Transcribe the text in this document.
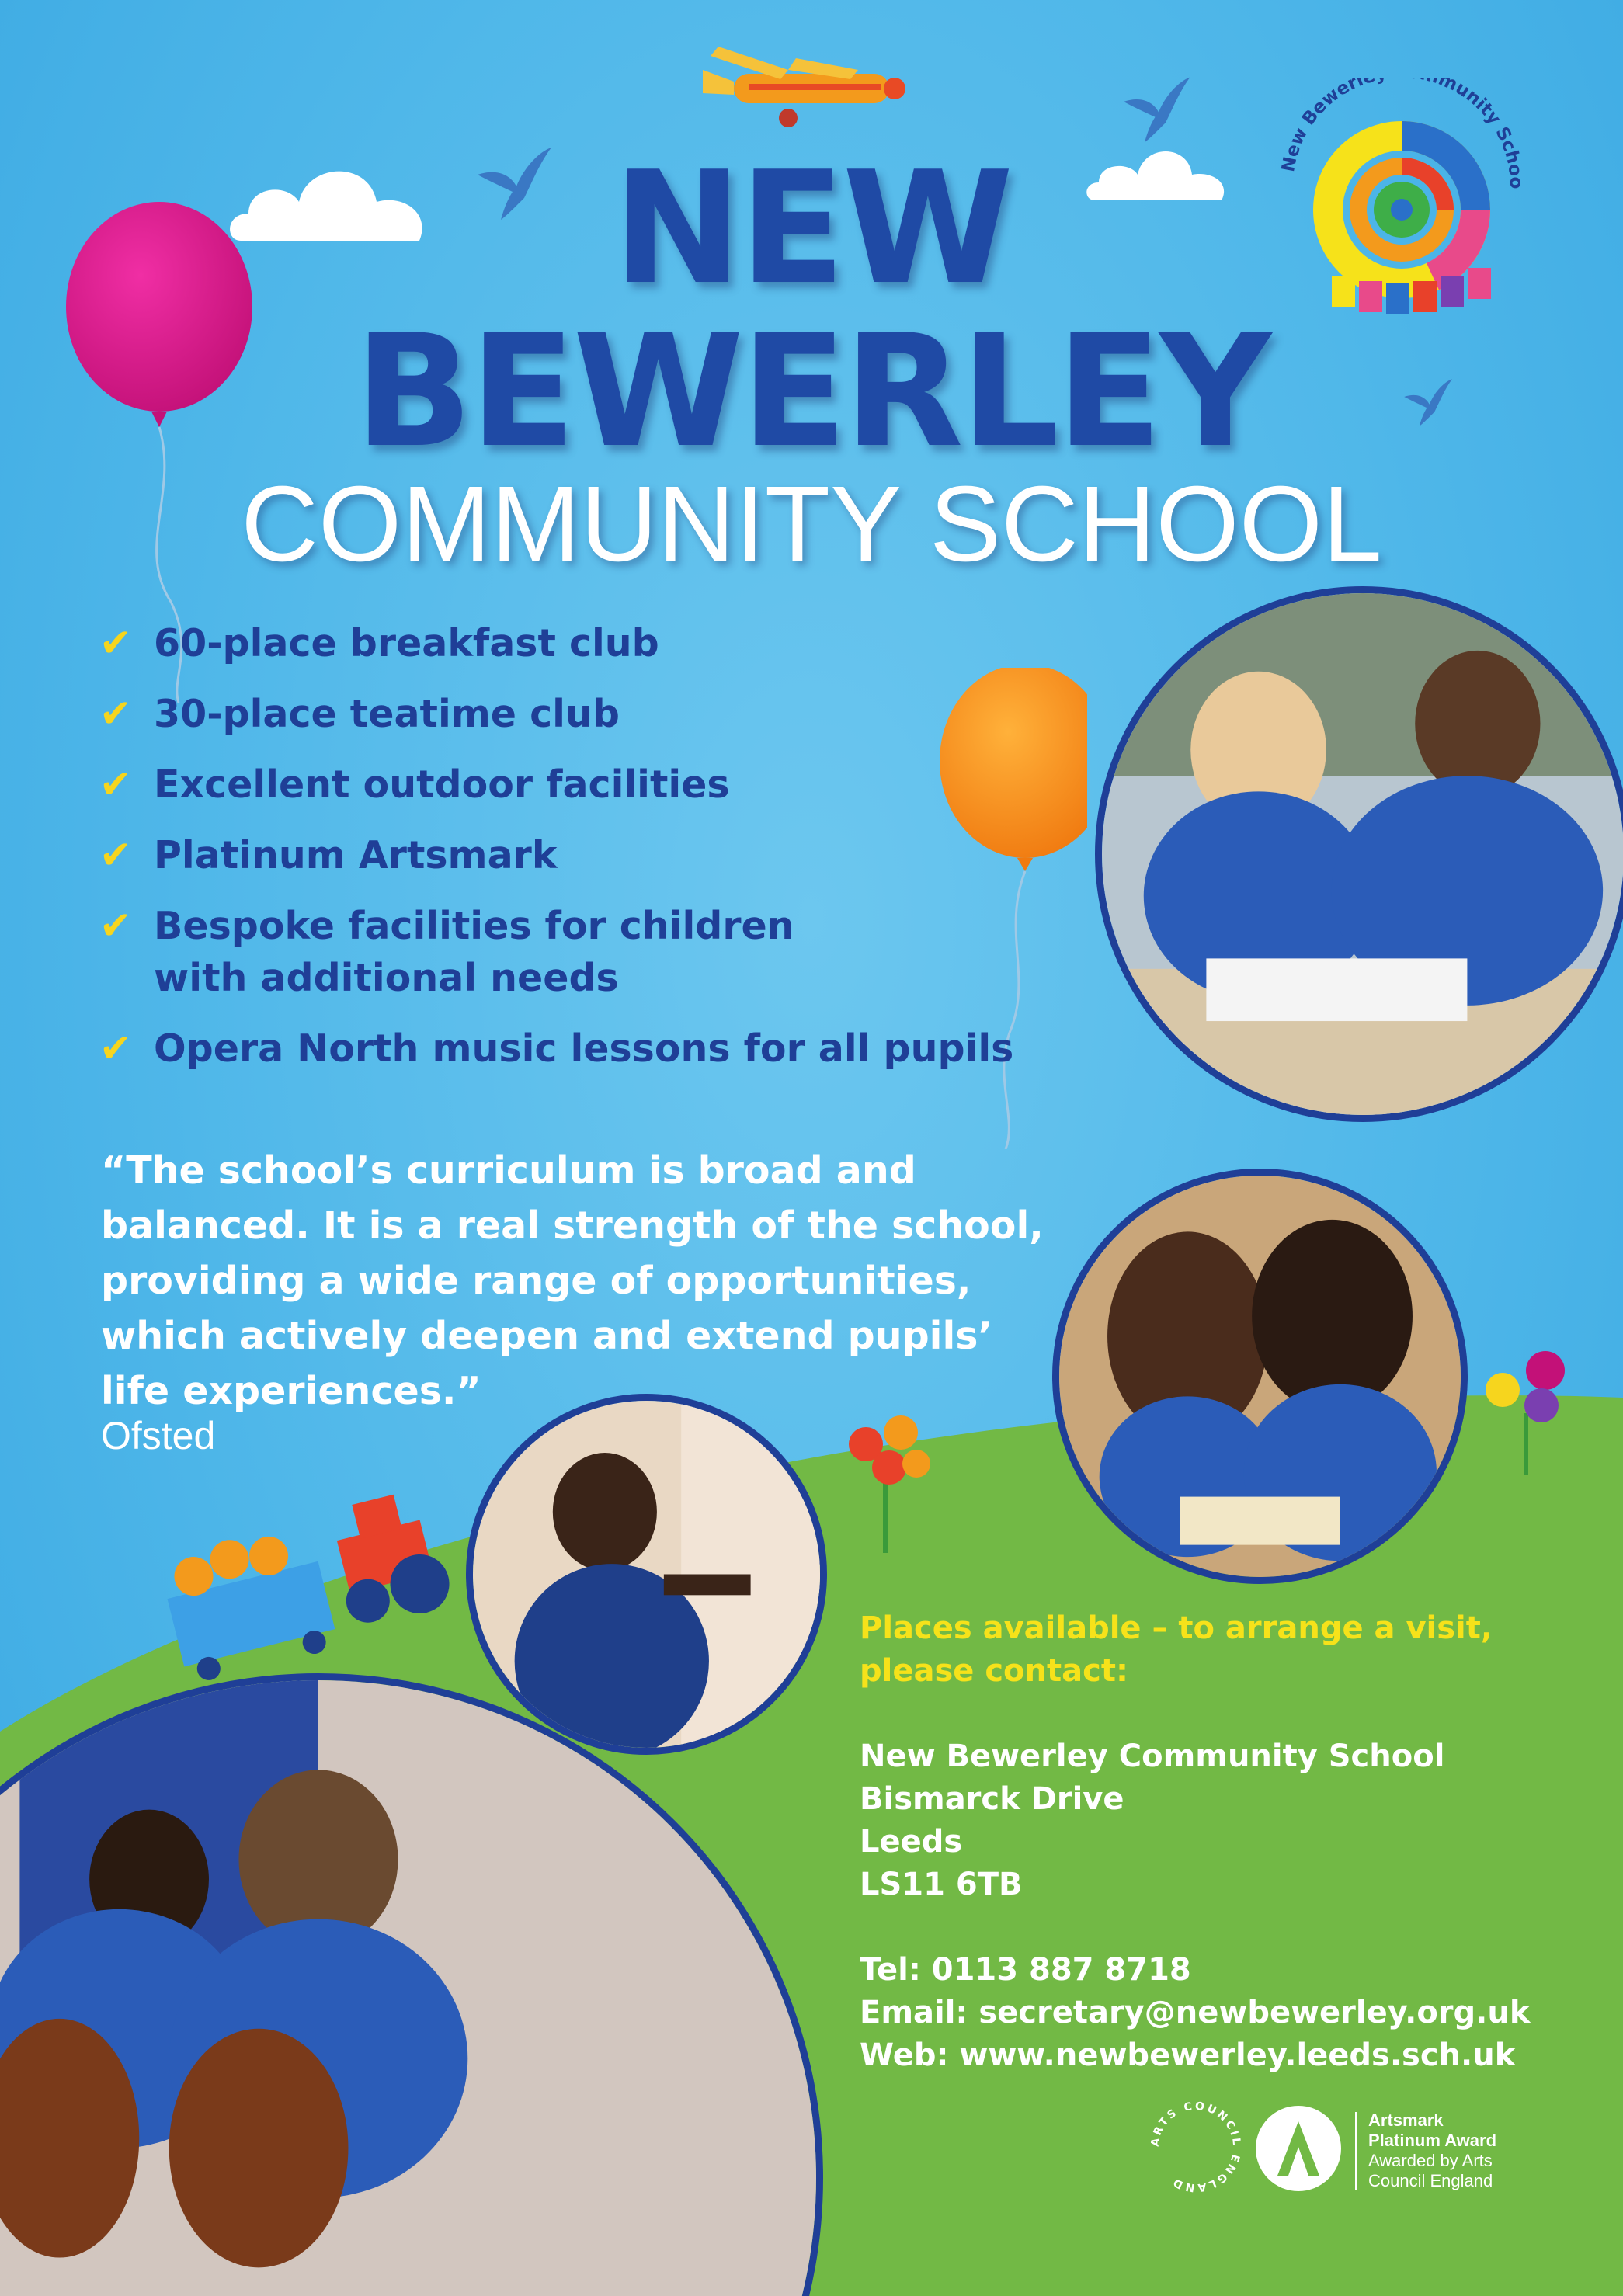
New Bewerl munity Schoo
NEW
BEWERLEY
COMMUNITY SCHOOL
✔ 60-place breakfast club
✔ 30-place teatime club
✔ Excellent outdoor facilities
✔ Platinum Artsmark
✔ Bespoke facilities for children
with additional needs
✔ Opera North music lessons for all pupils
“The school’s curriculum is broad and
balanced. It is a real strength of the school,
providing a wide range of opportunities,
which actively deepen and extend pupils’
life experiences.”
Ofsted
Places available – to arrange a visit,
please contact:
New Bewerley Community School
Bismarck Drive
Leeds
LS11 6TB
Tel: 0113 887 8718
Email: secretary@newbewerley.org.uk
Web: www.newbewerley.leeds.sch.uk
ARTS COUNCIL ENGLAND
Artsmark
Platinum Award
Awarded by Arts
Council England
